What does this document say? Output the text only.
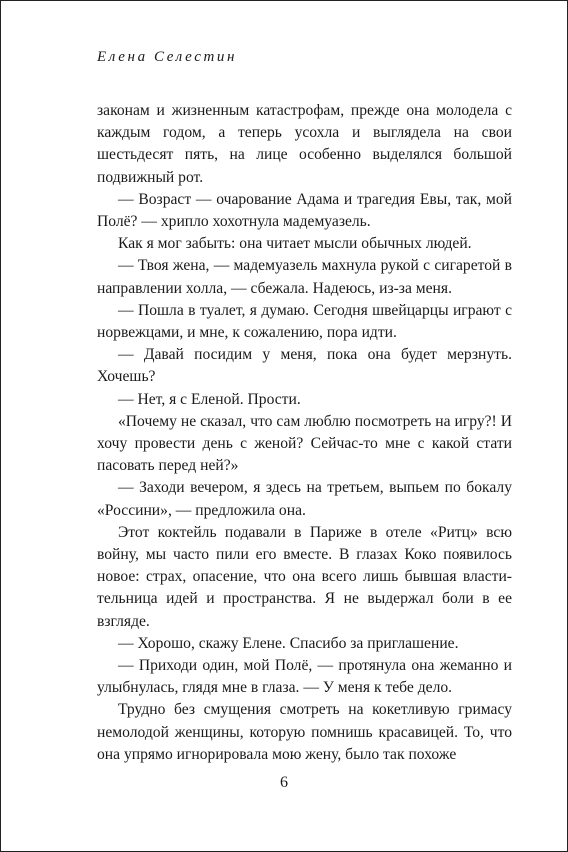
Елена Селестин

законам и жизненным катастрофам, прежде она молодела с каждым годом, а теперь усохла и выглядела на свои шестьдесят пять, на лице особенно выделялся большой подвижный рот.

— Возраст — очарование Адама и трагедия Евы, так, мой Полё? — хрипло хохотнула мадемуазель.

Как я мог забыть: она читает мысли обычных людей.

— Твоя жена, — мадемуазель махнула рукой с сигаретой в направлении холла, — сбежала. Надеюсь, из-за меня.

— Пошла в туалет, я думаю. Сегодня швейцарцы играют с норвежцами, и мне, к сожалению, пора идти.

— Давай посидим у меня, пока она будет мерзнуть. Хочешь?

— Нет, я с Еленой. Прости.

«Почему не сказал, что сам люблю посмотреть на игру?! И хочу провести день с женой? Сейчас-то мне с какой стати пасовать перед ней?»

— Заходи вечером, я здесь на третьем, выпьем по бокалу «Россини», — предложила она.

Этот коктейль подавали в Париже в отеле «Ритц» всю войну, мы часто пили его вместе. В глазах Коко появилось новое: страх, опасение, что она всего лишь бывшая властительница идей и пространства. Я не выдержал боли в ее взгляде.

— Хорошо, скажу Елене. Спасибо за приглашение.

— Приходи один, мой Полё, — протянула она жеманно и улыбнулась, глядя мне в глаза. — У меня к тебе дело.

Трудно без смущения смотреть на кокетливую гримасу немолодой женщины, которую помнишь красавицей. То, что она упрямо игнорировала мою жену, было так похоже

6
